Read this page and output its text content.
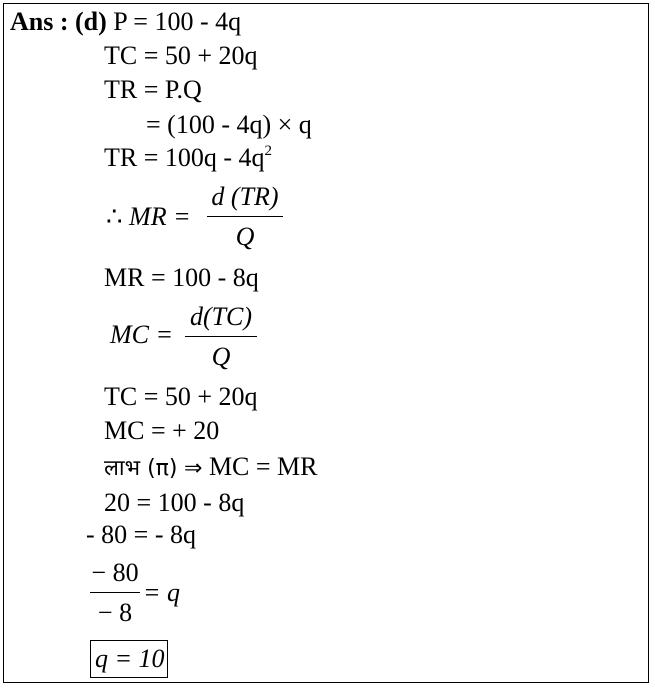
Ans : (d) P = 100 - 4q
TC = 50 + 20q
TR = P.Q
= (100 - 4q) × q
TR = $100q - 4q^2$
∴ MR =
d (TR)
Q
MR = 100 - 8q
MC =
d(TC)
Q
TC = 50 + 20q
MC = + 20
लाभ (π) ⇒ MC = MR
20 = 100 - 8q
- 80 = - 8q
− 80
− 8
= q
q = 10
